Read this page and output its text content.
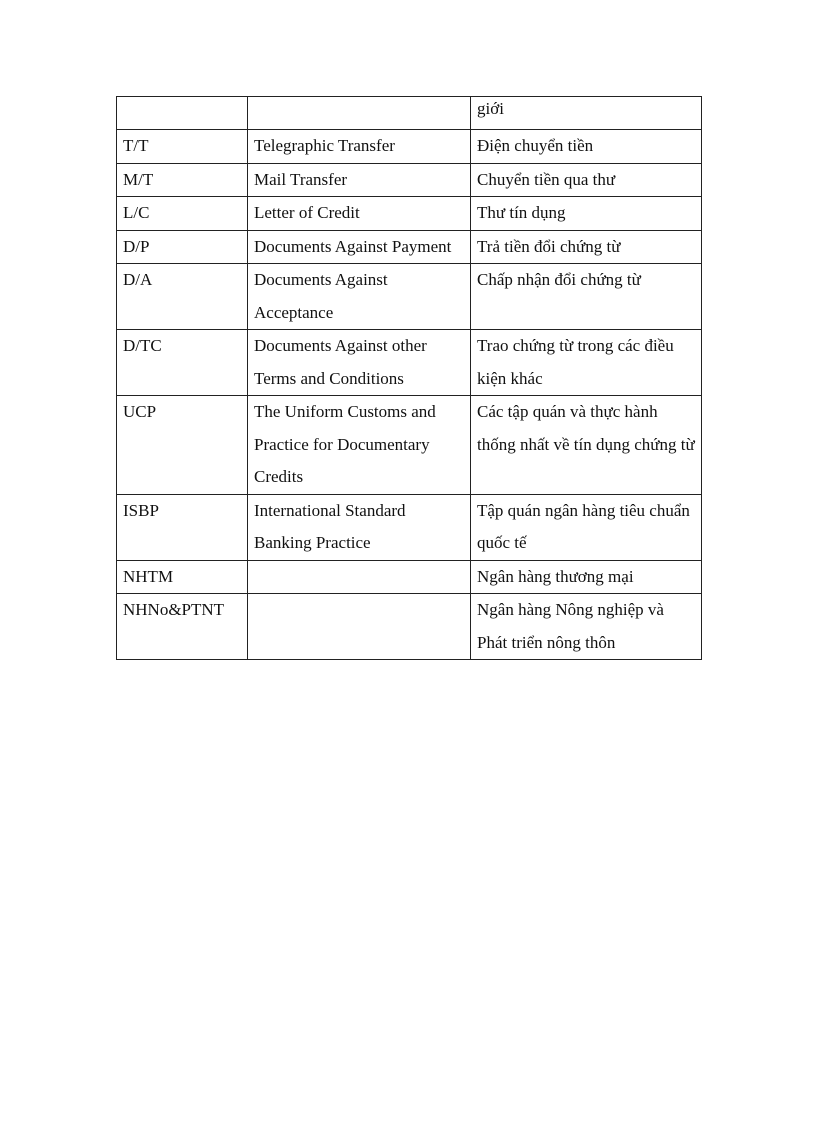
		giới
T/T	Telegraphic Transfer	Điện chuyển tiền
M/T	Mail Transfer	Chuyển tiền qua thư
L/C	Letter of Credit	Thư tín dụng
D/P	Documents Against Payment	Trả tiền đổi chứng từ
D/A	Documents Against Acceptance	Chấp nhận đổi chứng từ
D/TC	Documents Against other Terms and Conditions	Trao chứng từ trong các điều kiện khác
UCP	The Uniform Customs and Practice for Documentary Credits	Các tập quán và thực hành thống nhất về tín dụng chứng từ
ISBP	International Standard Banking Practice	Tập quán ngân hàng tiêu chuẩn quốc tế
NHTM		Ngân hàng thương mại
NHNo&PTNT		Ngân hàng Nông nghiệp và Phát triển nông thôn
